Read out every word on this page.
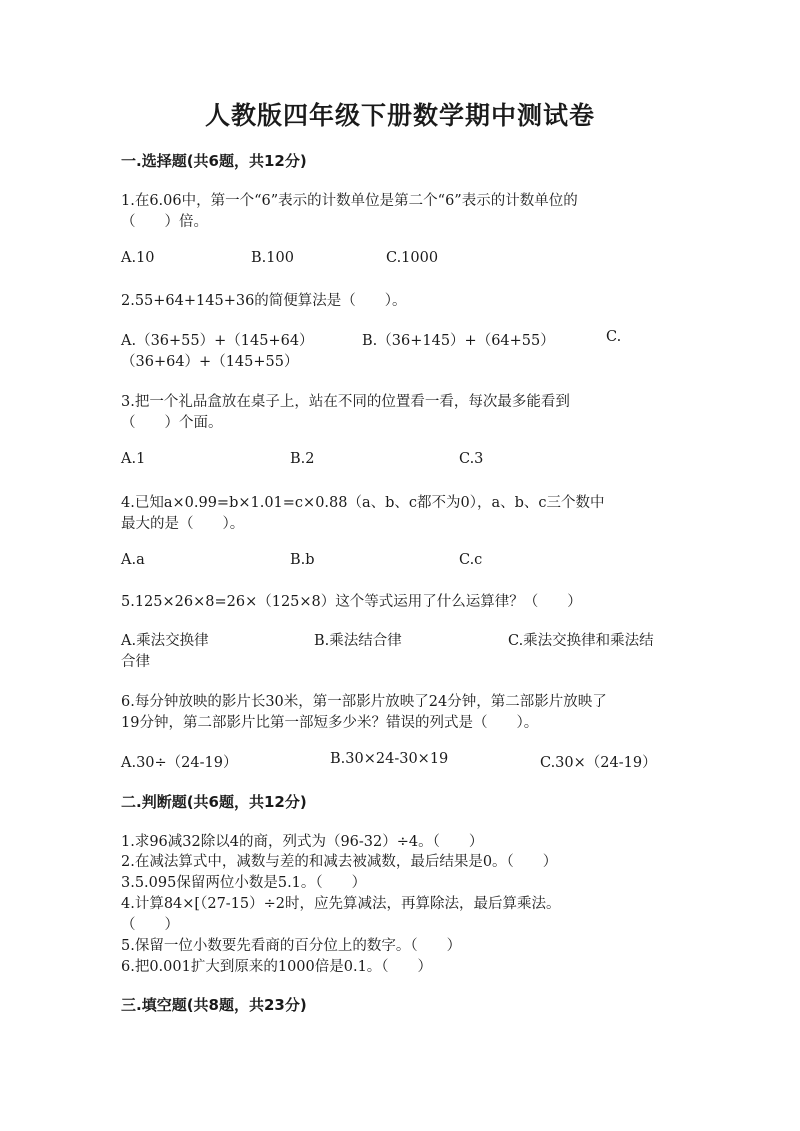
人教版四年级下册数学期中测试卷
一.选择题(共6题，共12分)
1.在6.06中，第一个“6”表示的计数单位是第二个“6”表示的计数单位的
（　　）倍。
A.10	B.100	C.1000
2.55+64+145+36的简便算法是（　　）。
A.（36+55）+（145+64）	B.（36+145）+（64+55）	C.
（36+64）+（145+55）
3.把一个礼品盒放在桌子上，站在不同的位置看一看，每次最多能看到
（　　）个面。
A.1	B.2	C.3
4.已知a×0.99=b×1.01=c×0.88（a、b、c都不为0），a、b、c三个数中
最大的是（　　）。
A.a	B.b	C.c
5.125×26×8=26×（125×8）这个等式运用了什么运算律？（　　）
A.乘法交换律	B.乘法结合律	C.乘法交换律和乘法结
合律
6.每分钟放映的影片长30米，第一部影片放映了24分钟，第二部影片放映了
19分钟，第二部影片比第一部短多少米？错误的列式是（　　）。
A.30÷（24-19）	B.30×24-30×19	C.30×（24-19）
二.判断题(共6题，共12分)
1.求96减32除以4的商，列式为（96-32）÷4。（　　）
2.在减法算式中，减数与差的和减去被减数，最后结果是0。（　　）
3.5.095保留两位小数是5.1。（　　）
4.计算84×[（27-15）÷2时，应先算减法，再算除法，最后算乘法。
（　　）
5.保留一位小数要先看商的百分位上的数字。（　　）
6.把0.001扩大到原来的1000倍是0.1。（　　）
三.填空题(共8题，共23分)
